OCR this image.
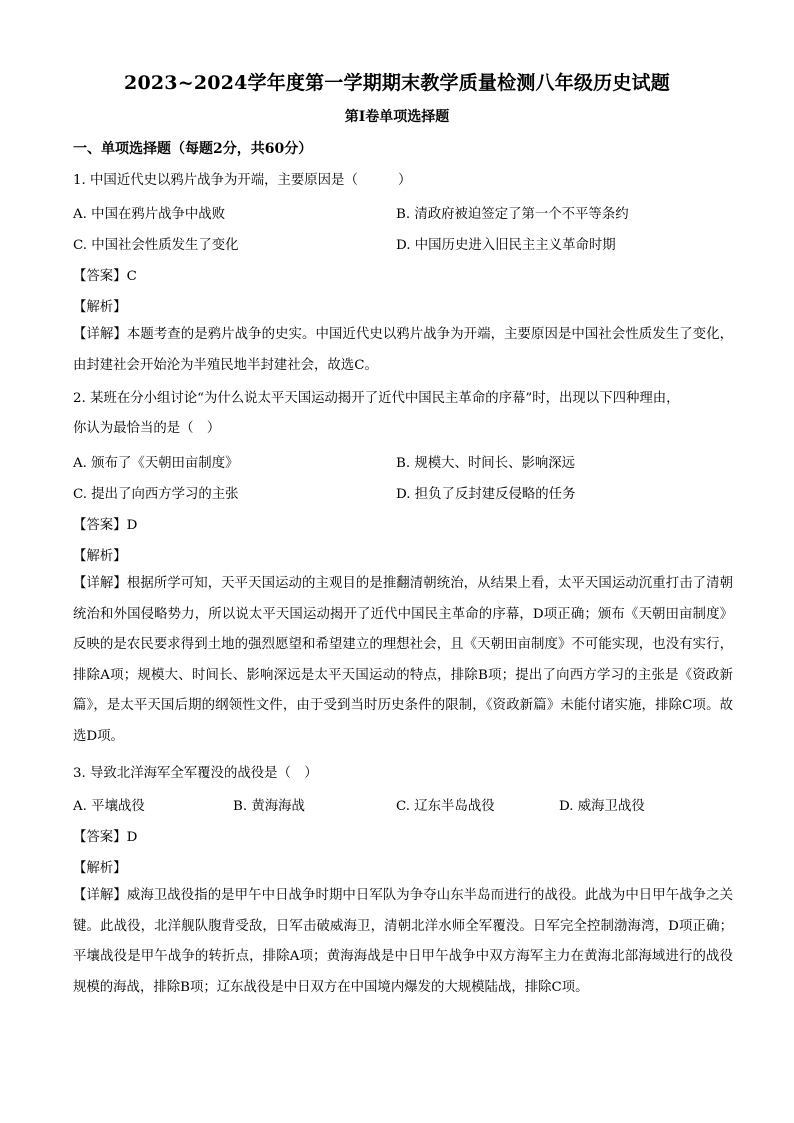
2023~2024学年度第一学期期末教学质量检测八年级历史试题
第Ⅰ卷单项选择题
一、单项选择题（每题2分，共60分）
1. 中国近代史以鸦片战争为开端，主要原因是（　　　）
A. 中国在鸦片战争中战败	B. 清政府被迫签定了第一个不平等条约
C. 中国社会性质发生了变化	D. 中国历史进入旧民主主义革命时期
【答案】C
【解析】
【详解】本题考查的是鸦片战争的史实。中国近代史以鸦片战争为开端，主要原因是中国社会性质发生了变化，由封建社会开始沦为半殖民地半封建社会，故选C。
2. 某班在分小组讨论“为什么说太平天国运动揭开了近代中国民主革命的序幕”时，出现以下四种理由，
你认为最恰当的是（　）
A. 颁布了《天朝田亩制度》	B. 规模大、时间长、影响深远
C. 提出了向西方学习的主张	D. 担负了反封建反侵略的任务
【答案】D
【解析】
【详解】根据所学可知，天平天国运动的主观目的是推翻清朝统治，从结果上看，太平天国运动沉重打击了清朝统治和外国侵略势力，所以说太平天国运动揭开了近代中国民主革命的序幕，D项正确；颁布《天朝田亩制度》反映的是农民要求得到土地的强烈愿望和希望建立的理想社会，且《天朝田亩制度》不可能实现，也没有实行，排除A项；规模大、时间长、影响深远是太平天国运动的特点，排除B项；提出了向西方学习的主张是《资政新篇》，是太平天国后期的纲领性文件，由于受到当时历史条件的限制，《资政新篇》未能付诸实施，排除C项。故选D项。
3. 导致北洋海军全军覆没的战役是（　）
A. 平壤战役	B. 黄海海战	C. 辽东半岛战役	D. 威海卫战役
【答案】D
【解析】
【详解】威海卫战役指的是甲午中日战争时期中日军队为争夺山东半岛而进行的战役。此战为中日甲午战争之关键。此战役，北洋舰队腹背受敌，日军击破威海卫，清朝北洋水师全军覆没。日军完全控制渤海湾，D项正确；平壤战役是甲午战争的转折点，排除A项；黄海海战是中日甲午战争中双方海军主力在黄海北部海域进行的战役规模的海战，排除B项；辽东战役是中日双方在中国境内爆发的大规模陆战，排除C项。
